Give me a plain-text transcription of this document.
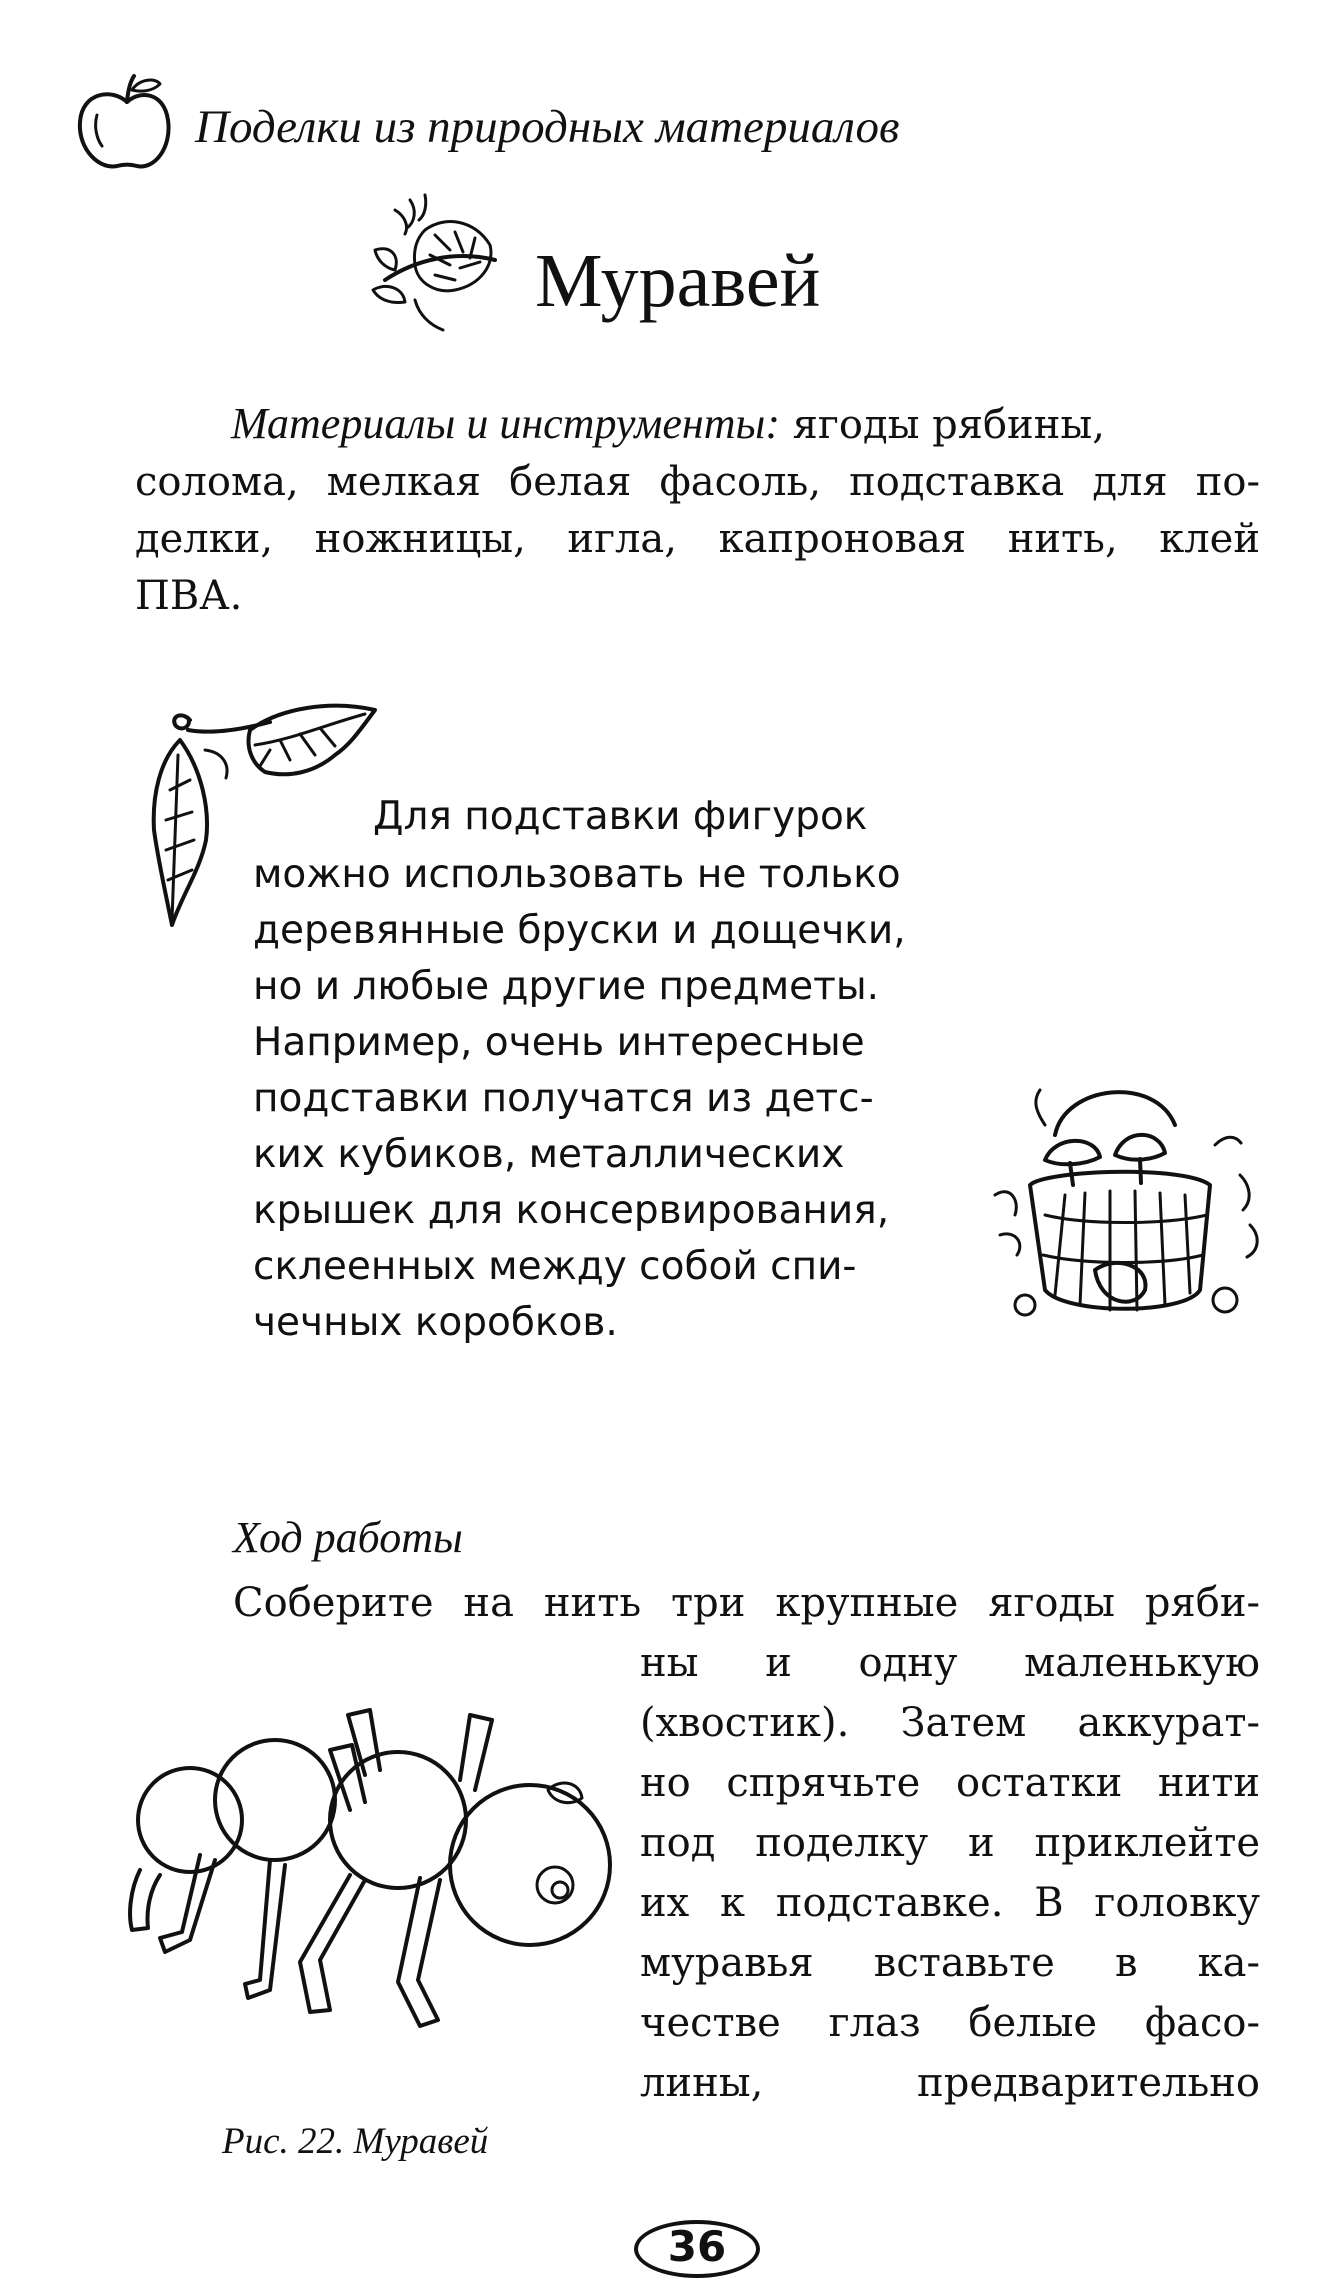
Поделки из природных материалов
Муравей
Материалы и инструменты: ягоды рябины,
солома, мелкая белая фасоль, подставка для по-
делки, ножницы, игла, капроновая нить, клей
ПВА.
Для подставки фигурок
можно использовать не только
деревянные бруски и дощечки,
но и любые другие предметы.
Например, очень интересные
подставки получатся из детс-
ких кубиков, металлических
крышек для консервирования,
склеенных между собой спи-
чечных коробков.
Ход работы
Соберите на нить три крупные ягоды ряби-
ны и одну маленькую
(хвостик). Затем аккурат-
но спрячьте остатки нити
под поделку и приклейте
их к подставке. В головку
муравья вставьте в ка-
честве глаз белые фасо-
лины, предварительно
Рис. 22. Муравей
36
